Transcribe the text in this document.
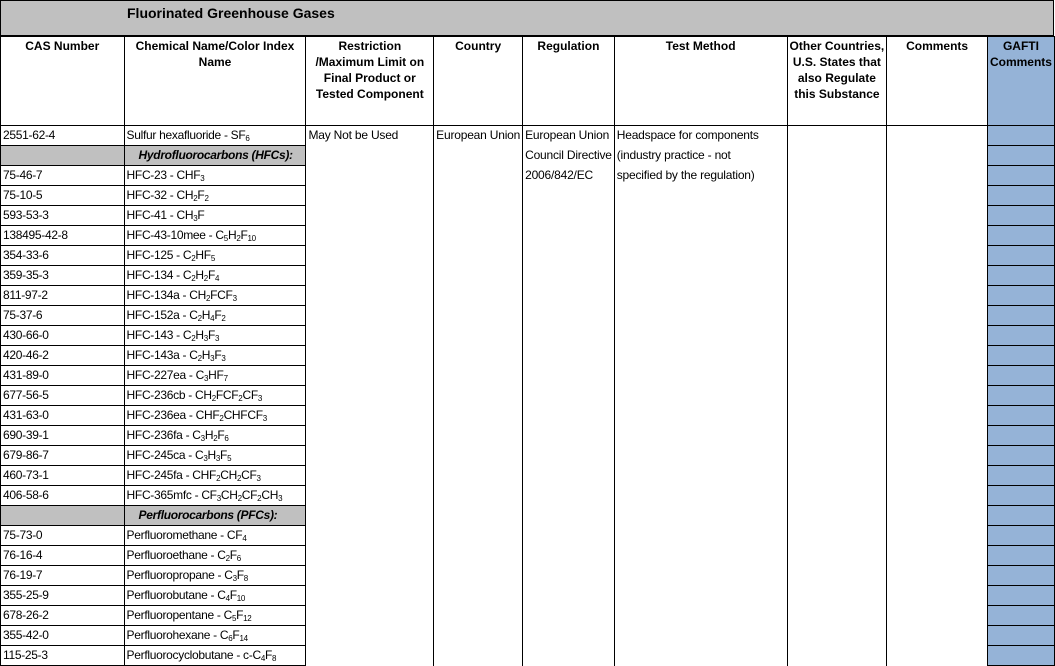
Fluorinated Greenhouse Gases
CAS Number	Chemical Name/Color Index Name	Restriction /Maximum Limit on Final Product or Tested Component	Country	Regulation	Test Method	Other Countries, U.S. States that also Regulate this Substance	Comments	GAFTI Comments
2551-62-4	Sulfur hexafluoride - $SF_6$	May Not be Used	European Union	European Union	Headspace for components			
	Hydrofluorocarbons (HFCs):			Council Directive	(industry practice - not			
75-46-7	$HFC-23 - CHF_3$			2006/842/EC	specified by the regulation)			
75-10-5	$HFC-32 - CH_2F_2$							
593-53-3	$HFC-41 - CH_3F$							
138495-42-8	$HFC-43-10mee - C_5H_2F_{10}$							
354-33-6	$HFC-125 - C_2HF_5$							
359-35-3	$HFC-134 - C_2H_2F_4$							
811-97-2	$HFC-134a - CH_2FCF_3$							
75-37-6	$HFC-152a - C_2H_4F_2$							
430-66-0	$HFC-143 - C_2H_3F_3$							
420-46-2	$HFC-143a - C_2H_3F_3$							
431-89-0	$HFC-227ea - C_3HF_7$							
677-56-5	$HFC-236cb - CH_2FCF_2CF_3$							
431-63-0	$HFC-236ea - CHF_2CHFCF_3$							
690-39-1	$HFC-236fa - C_3H_2F_6$							
679-86-7	$HFC-245ca - C_3H_3F_5$							
460-73-1	$HFC-245fa - CHF_2CH_2CF_3$							
406-58-6	$HFC-365mfc - CF_3CH_2CF_2CH_3$							
	Perfluorocarbons (PFCs):							
75-73-0	Perfluoromethane - $CF_4$							
76-16-4	Perfluoroethane - $C_2F_6$							
76-19-7	Perfluoropropane - $C_3F_8$							
355-25-9	Perfluorobutane - $C_4F_{10}$							
678-26-2	Perfluoropentane - $C_5F_{12}$							
355-42-0	Perfluorohexane - $C_6F_{14}$							
115-25-3	Perfluorocyclobutane - $c-C_4F_8$							
